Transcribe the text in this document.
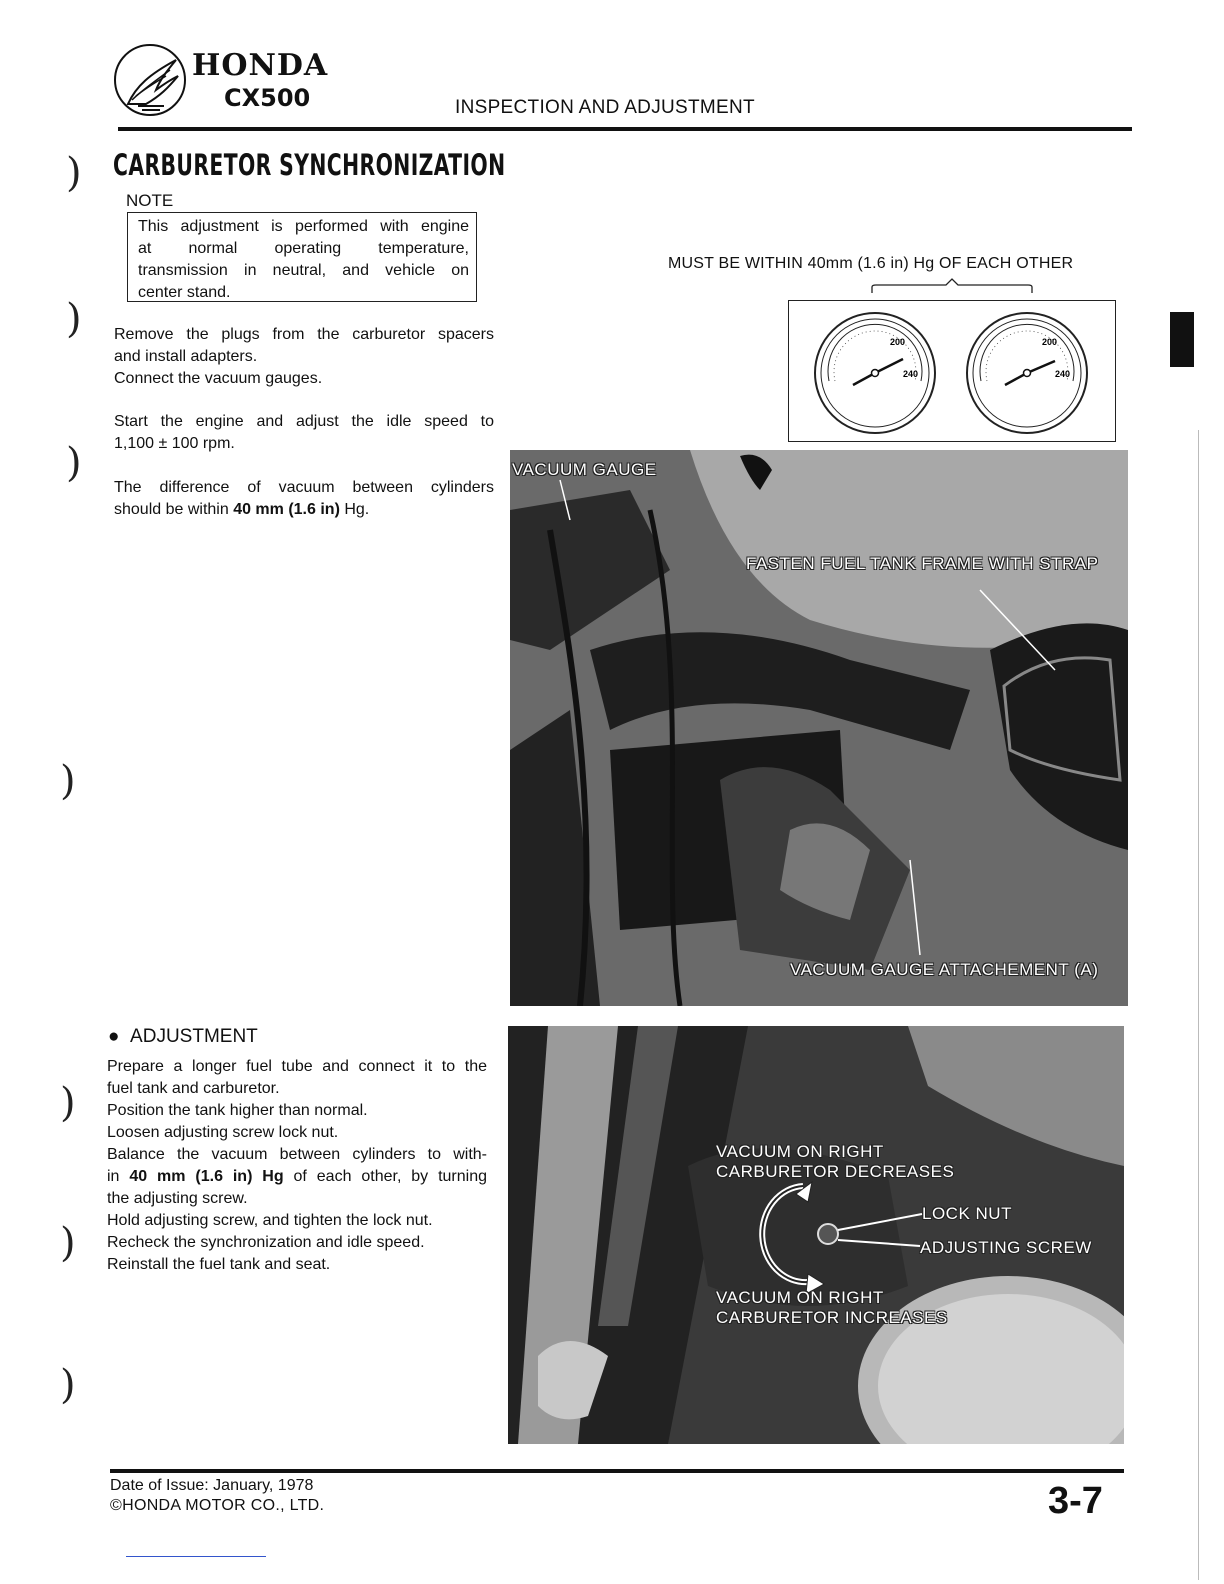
HONDA
CX500	INSPECTION AND ADJUSTMENT
)
)
)
)
)
)
)
CARBURETOR SYNCHRONIZATION
NOTE
This adjustment is performed with engine
at normal operating temperature,
transmission in neutral, and vehicle on
center stand.
Remove the plugs from the carburetor spacers
and install adapters.
Connect the vacuum gauges.
Start the engine and adjust the idle speed to
1,100 ± 100 rpm.
The difference of vacuum between cylinders
should be within 40 mm (1.6 in) Hg.
●  ADJUSTMENT
Prepare a longer fuel tube and connect it to the
fuel tank and carburetor.
Position the tank higher than normal.
Loosen adjusting screw lock nut.
Balance the vacuum between cylinders to with-
in 40 mm (1.6 in) Hg of each other, by turning
the adjusting screw.
Hold adjusting screw, and tighten the lock nut.
Recheck the synchronization and idle speed.
Reinstall the fuel tank and seat.
MUST BE WITHIN 40mm (1.6 in) Hg OF EACH OTHER
200
240
200
240
VACUUM GAUGE
FASTEN FUEL TANK FRAME WITH STRAP
VACUUM GAUGE ATTACHEMENT (A)
VACUUM ON RIGHT
CARBURETOR DECREASES
LOCK NUT
ADJUSTING SCREW
VACUUM ON RIGHT
CARBURETOR INCREASES
Date of Issue: January, 1978
©HONDA MOTOR CO., LTD.	3-7
